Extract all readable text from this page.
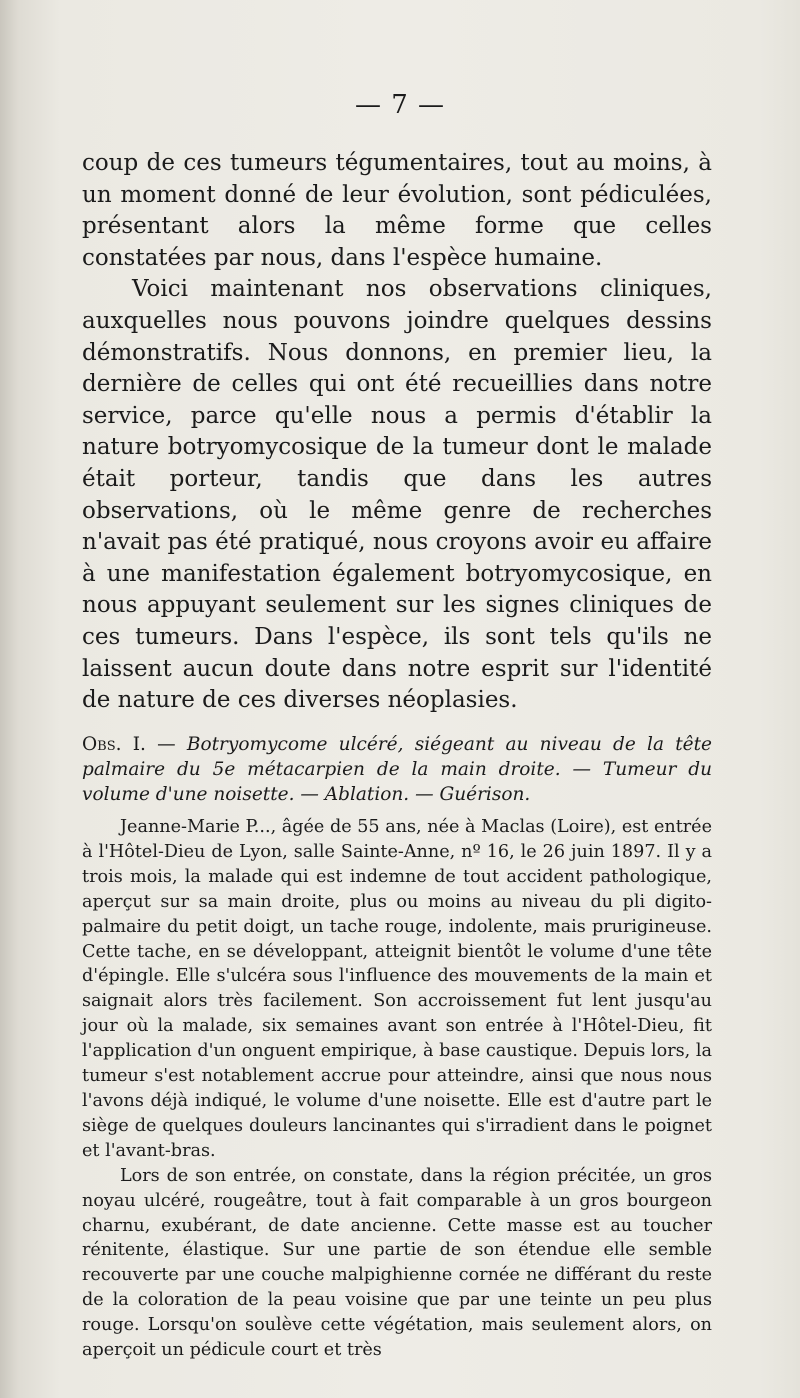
— 7 —

coup de ces tumeurs tégumentaires, tout au moins, à un moment donné de leur évolution, sont pédiculées, présentant alors la même forme que celles constatées par nous, dans l'espèce humaine.

Voici maintenant nos observations cliniques, auxquelles nous pouvons joindre quelques dessins démonstratifs. Nous donnons, en premier lieu, la dernière de celles qui ont été recueillies dans notre service, parce qu'elle nous a permis d'établir la nature botryomycosique de la tumeur dont le malade était porteur, tandis que dans les autres observations, où le même genre de recherches n'avait pas été pratiqué, nous croyons avoir eu affaire à une manifestation également botryomycosique, en nous appuyant seulement sur les signes cliniques de ces tumeurs. Dans l'espèce, ils sont tels qu'ils ne laissent aucun doute dans notre esprit sur l'identité de nature de ces diverses néoplasies.

Obs. I. — Botryomycome ulcéré, siégeant au niveau de la tête palmaire du 5e métacarpien de la main droite. — Tumeur du volume d'une noisette. — Ablation. — Guérison.

Jeanne-Marie P..., âgée de 55 ans, née à Maclas (Loire), est entrée à l'Hôtel-Dieu de Lyon, salle Sainte-Anne, nº 16, le 26 juin 1897. Il y a trois mois, la malade qui est indemne de tout accident pathologique, aperçut sur sa main droite, plus ou moins au niveau du pli digito-palmaire du petit doigt, un tache rouge, indolente, mais prurigineuse. Cette tache, en se développant, atteignit bientôt le volume d'une tête d'épingle. Elle s'ulcéra sous l'influence des mouvements de la main et saignait alors très facilement. Son accroissement fut lent jusqu'au jour où la malade, six semaines avant son entrée à l'Hôtel-Dieu, fit l'application d'un onguent empirique, à base caustique. Depuis lors, la tumeur s'est notablement accrue pour atteindre, ainsi que nous nous l'avons déjà indiqué, le volume d'une noisette. Elle est d'autre part le siège de quelques douleurs lancinantes qui s'irradient dans le poignet et l'avant-bras.

Lors de son entrée, on constate, dans la région précitée, un gros noyau ulcéré, rougeâtre, tout à fait comparable à un gros bourgeon charnu, exubérant, de date ancienne. Cette masse est au toucher rénitente, élastique. Sur une partie de son étendue elle semble recouverte par une couche malpighienne cornée ne différant du reste de la coloration de la peau voisine que par une teinte un peu plus rouge. Lorsqu'on soulève cette végétation, mais seulement alors, on aperçoit un pédicule court et très
